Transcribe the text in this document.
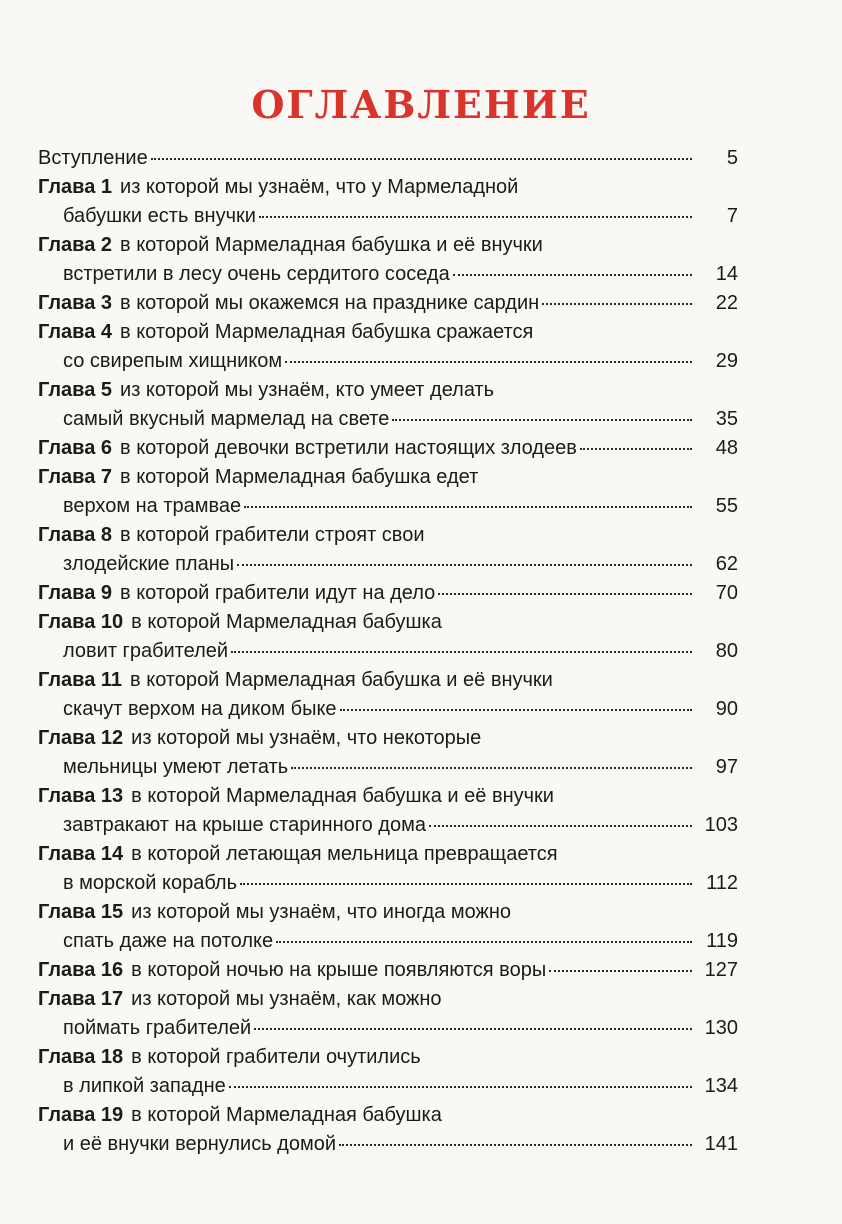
ОГЛАВЛЕНИЕ
Вступление	5
Глава 1 из которой мы узнаём, что у Мармеладной
бабушки есть внучки	7
Глава 2 в которой Мармеладная бабушка и её внучки
встретили в лесу очень сердитого соседа	14
Глава 3 в которой мы окажемся на празднике сардин	22
Глава 4 в которой Мармеладная бабушка сражается
со свирепым хищником	29
Глава 5 из которой мы узнаём, кто умеет делать
самый вкусный мармелад на свете	35
Глава 6 в которой девочки встретили настоящих злодеев	48
Глава 7 в которой Мармеладная бабушка едет
верхом на трамвае	55
Глава 8 в которой грабители строят свои
злодейские планы	62
Глава 9 в которой грабители идут на дело	70
Глава 10 в которой Мармеладная бабушка
ловит грабителей	80
Глава 11 в которой Мармеладная бабушка и её внучки
скачут верхом на диком быке	90
Глава 12 из которой мы узнаём, что некоторые
мельницы умеют летать	97
Глава 13 в которой Мармеладная бабушка и её внучки
завтракают на крыше старинного дома	103
Глава 14 в которой летающая мельница превращается
в морской корабль	112
Глава 15 из которой мы узнаём, что иногда можно
спать даже на потолке	119
Глава 16 в которой ночью на крыше появляются воры	127
Глава 17 из которой мы узнаём, как можно
поймать грабителей	130
Глава 18 в которой грабители очутились
в липкой западне	134
Глава 19 в которой Мармеладная бабушка
и её внучки вернулись домой	141
